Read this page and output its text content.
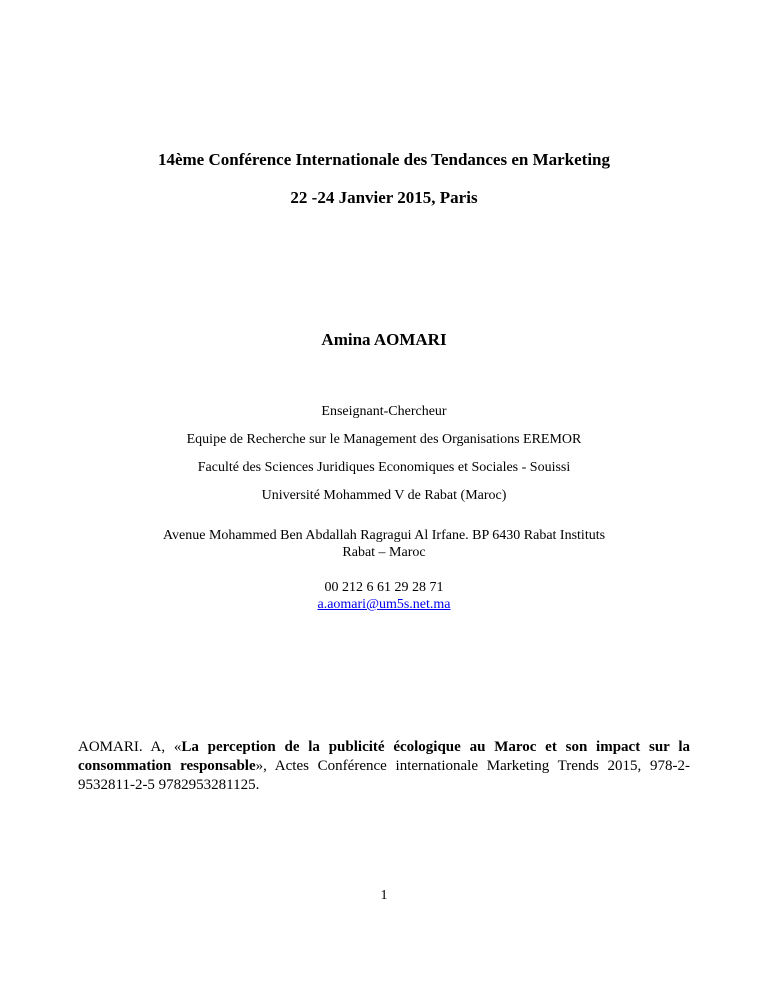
14ème Conférence Internationale des Tendances en Marketing
22 -24 Janvier 2015, Paris
Amina AOMARI
Enseignant-Chercheur
Equipe de Recherche sur le Management des Organisations EREMOR
Faculté des Sciences Juridiques Economiques et Sociales - Souissi
Université Mohammed V de Rabat (Maroc)
Avenue Mohammed Ben Abdallah Ragragui Al Irfane. BP 6430 Rabat Instituts
Rabat – Maroc
00 212 6 61 29 28 71
a.aomari@um5s.net.ma
AOMARI. A, «La perception de la publicité écologique au Maroc et son impact sur la consommation responsable», Actes Conférence internationale Marketing Trends 2015, 978-2-9532811-2-5 9782953281125.
1
